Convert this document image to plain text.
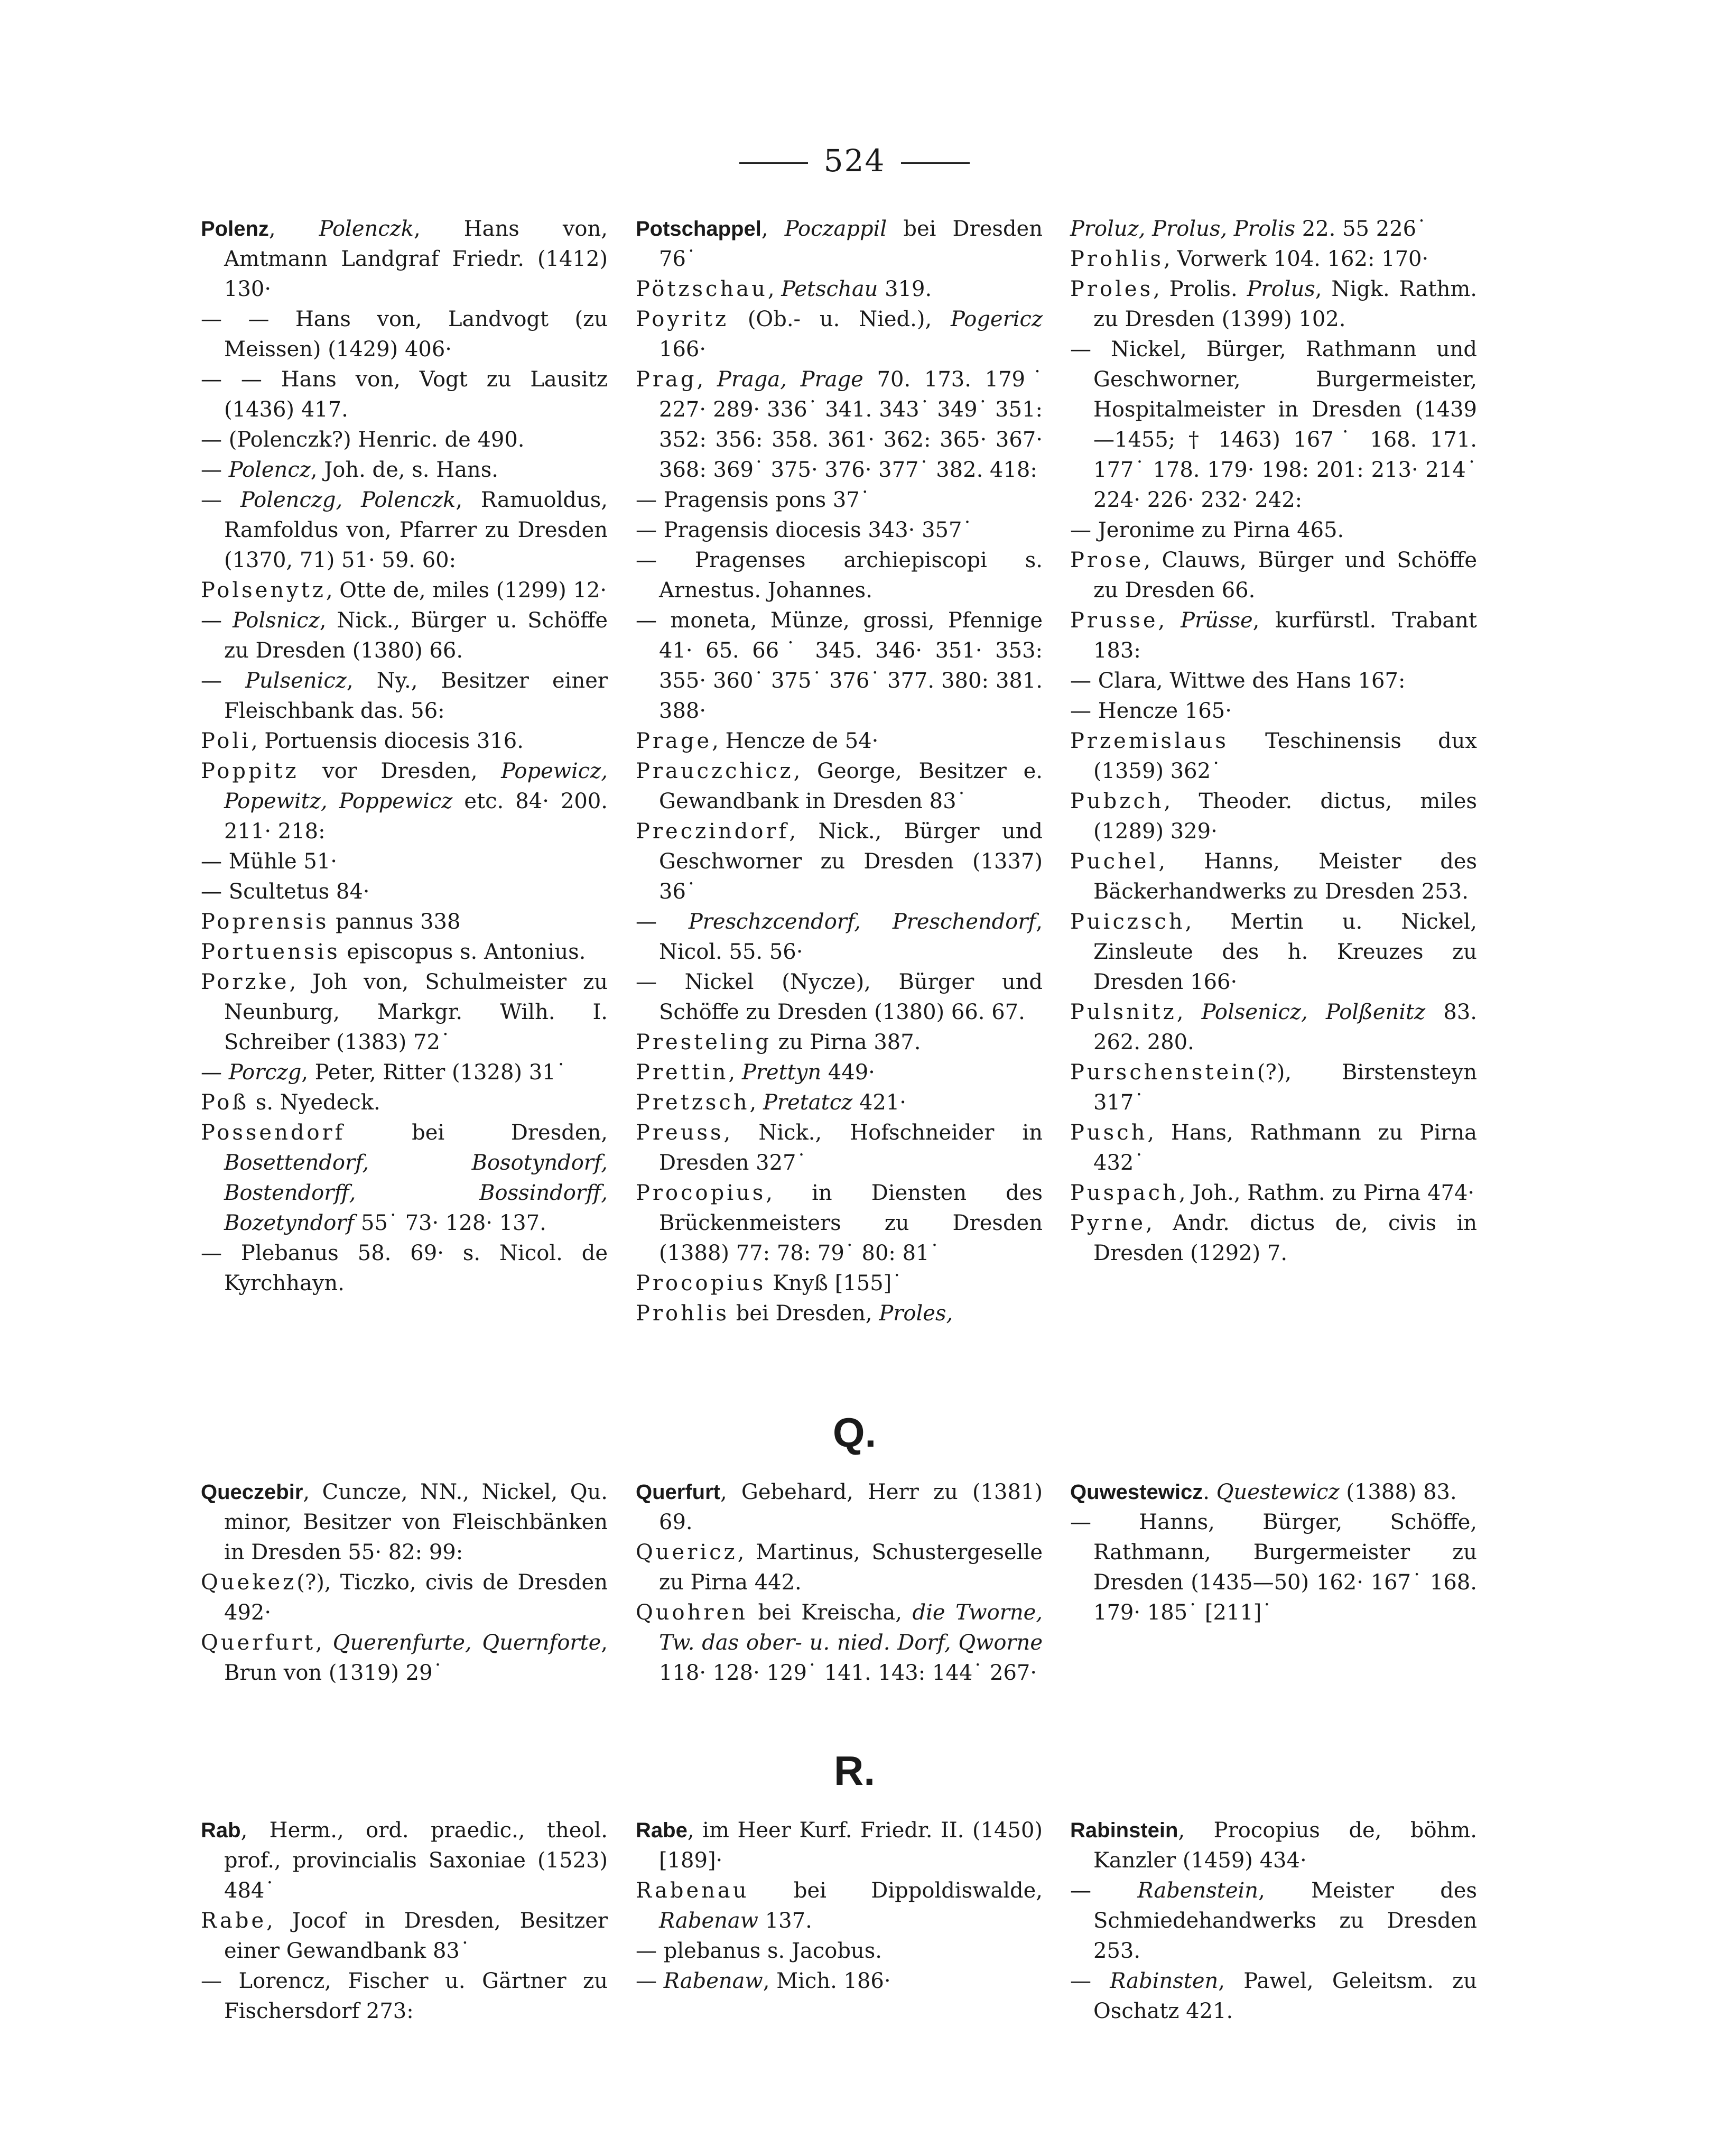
524
Polenz, Polenczk, Hans von, Amtmann Landgraf Friedr. (1412) 130·
— — Hans von, Landvogt (zu Meissen) (1429) 406·
— — Hans von, Vogt zu Lausitz (1436) 417.
— (Polenczk?) Henric. de 490.
— Polencz, Joh. de, s. Hans.
— Polenczg, Polenczk, Ramuoldus, Ramfoldus von, Pfarrer zu Dresden (1370, 71) 51· 59. 60:
Polsenytz, Otte de, miles (1299) 12·
— Polsnicz, Nick., Bürger u. Schöffe zu Dresden (1380) 66.
— Pulsenicz, Ny., Besitzer einer Fleischbank das. 56:
Poli, Portuensis diocesis 316.
Poppitz vor Dresden, Popewicz, Popewitz, Poppewicz etc. 84· 200. 211· 218:
— Mühle 51·
— Scultetus 84·
Poprensis pannus 338
Portuensis episcopus s. Antonius.
Porzke, Joh von, Schulmeister zu Neunburg, Markgr. Wilh. I. Schreiber (1383) 72˙
— Porczg, Peter, Ritter (1328) 31˙
Poß s. Nyedeck.
Possendorf bei Dresden, Bosettendorf, Bosotyndorf, Bostendorff, Bossindorff, Bozetyndorf 55˙ 73· 128· 137.
— Plebanus 58. 69· s. Nicol. de Kyrchhayn.
Potschappel, Poczappil bei Dresden 76˙
Pötzschau, Petschau 319.
Poyritz (Ob.- u. Nied.), Pogericz 166·
Prag, Praga, Prage 70. 173. 179˙ 227· 289· 336˙ 341. 343˙ 349˙ 351: 352: 356: 358. 361· 362: 365· 367· 368: 369˙ 375· 376· 377˙ 382. 418:
— Pragensis pons 37˙
— Pragensis diocesis 343· 357˙
— Pragenses archiepiscopi s. Arnestus. Johannes.
— moneta, Münze, grossi, Pfennige 41· 65. 66˙ 345. 346· 351· 353: 355· 360˙ 375˙ 376˙ 377. 380: 381. 388·
Prage, Hencze de 54·
Prauczchicz, George, Besitzer e. Gewandbank in Dresden 83˙
Preczindorf, Nick., Bürger und Geschworner zu Dresden (1337) 36˙
— Preschzcendorf, Preschendorf, Nicol. 55. 56·
— Nickel (Nycze), Bürger und Schöffe zu Dresden (1380) 66. 67.
Presteling zu Pirna 387.
Prettin, Prettyn 449·
Pretzsch, Pretatcz 421·
Preuss, Nick., Hofschneider in Dresden 327˙
Procopius, in Diensten des Brückenmeisters zu Dresden (1388) 77: 78: 79˙ 80: 81˙
Procopius Knyß [155]˙
Prohlis bei Dresden, Proles,
Proluz, Prolus, Prolis 22. 55 226˙
Prohlis, Vorwerk 104. 162: 170·
Proles, Prolis. Prolus, Nigk. Rathm. zu Dresden (1399) 102.
— Nickel, Bürger, Rathmann und Geschworner, Burgermeister, Hospitalmeister in Dresden (1439 —1455; † 1463) 167˙ 168. 171. 177˙ 178. 179· 198: 201: 213· 214˙ 224· 226· 232· 242:
— Jeronime zu Pirna 465.
Prose, Clauws, Bürger und Schöffe zu Dresden 66.
Prusse, Prüsse, kurfürstl. Trabant 183:
— Clara, Wittwe des Hans 167:
— Hencze 165·
Przemislaus Teschinensis dux (1359) 362˙
Pubzch, Theoder. dictus, miles (1289) 329·
Puchel, Hanns, Meister des Bäckerhandwerks zu Dresden 253.
Puiczsch, Mertin u. Nickel, Zinsleute des h. Kreuzes zu Dresden 166·
Pulsnitz, Polsenicz, Polßenitz 83. 262. 280.
Purschenstein(?), Birstensteyn 317˙
Pusch, Hans, Rathmann zu Pirna 432˙
Puspach, Joh., Rathm. zu Pirna 474·
Pyrne, Andr. dictus de, civis in Dresden (1292) 7.
Q.
Queczebir, Cuncze, NN., Nickel, Qu. minor, Besitzer von Fleischbänken in Dresden 55· 82: 99:
Quekez(?), Ticzko, civis de Dresden 492·
Querfurt, Querenfurte, Quernforte, Brun von (1319) 29˙
Querfurt, Gebehard, Herr zu (1381) 69.
Quericz, Martinus, Schustergeselle zu Pirna 442.
Quohren bei Kreischa, die Tworne, Tw. das ober- u. nied. Dorf, Qworne 118· 128· 129˙ 141. 143: 144˙ 267·
Quwestewicz. Questewicz (1388) 83.
— Hanns, Bürger, Schöffe, Rathmann, Burgermeister zu Dresden (1435—50) 162· 167˙ 168. 179· 185˙ [211]˙
R.
Rab, Herm., ord. praedic., theol. prof., provincialis Saxoniae (1523) 484˙
Rabe, Jocof in Dresden, Besitzer einer Gewandbank 83˙
— Lorencz, Fischer u. Gärtner zu Fischersdorf 273:
Rabe, im Heer Kurf. Friedr. II. (1450) [189]·
Rabenau bei Dippoldiswalde, Rabenaw 137.
— plebanus s. Jacobus.
— Rabenaw, Mich. 186·
Rabinstein, Procopius de, böhm. Kanzler (1459) 434·
— Rabenstein, Meister des Schmiedehandwerks zu Dresden 253.
— Rabinsten, Pawel, Geleitsm. zu Oschatz 421.
